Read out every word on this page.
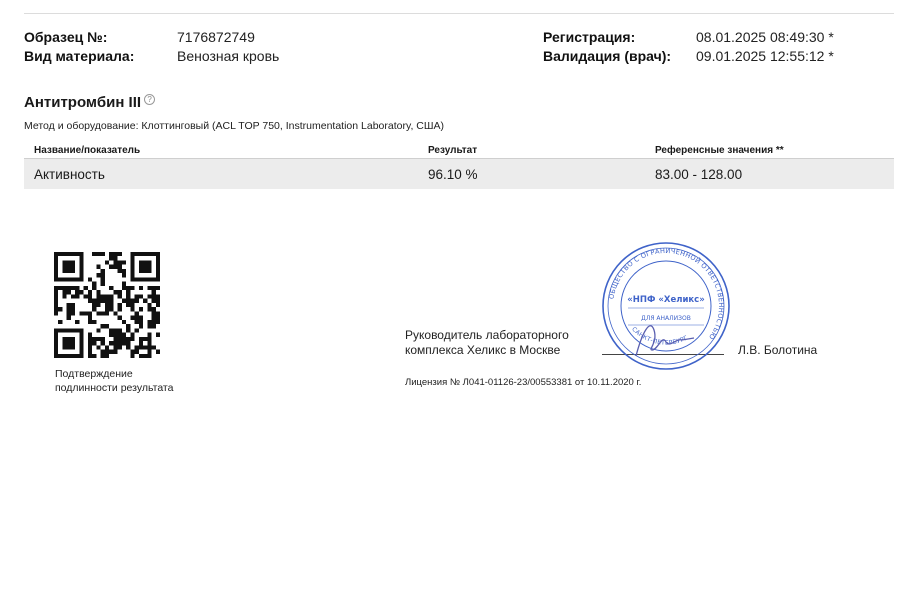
Образец №:	7176872749
Вид материала:	Венозная кровь
Регистрация:	08.01.2025 08:49:30 *
Валидация (врач):	09.01.2025 12:55:12 *
Антитромбин III ?
Метод и оборудование: Клоттинговый (ACL TOP 750, Instrumentation Laboratory, США)
Название/показатель	Результат	Референсные значения **
Активность	96.10 %	83.00 - 128.00
Подтверждение
подлинности результата
Руководитель лабораторного
комплекса Хеликс в Москве	Л.В. Болотина
Лицензия № Л041-01126-23/00553381 от 10.11.2020 г.
ОБЩЕСТВО С ОГРАНИЧЕННОЙ ОТВЕТСТВЕННОСТЬЮ
«НПФ «Хеликс»
ДЛЯ АНАЛИЗОВ
САНКТ-ПЕТЕРБУРГ
